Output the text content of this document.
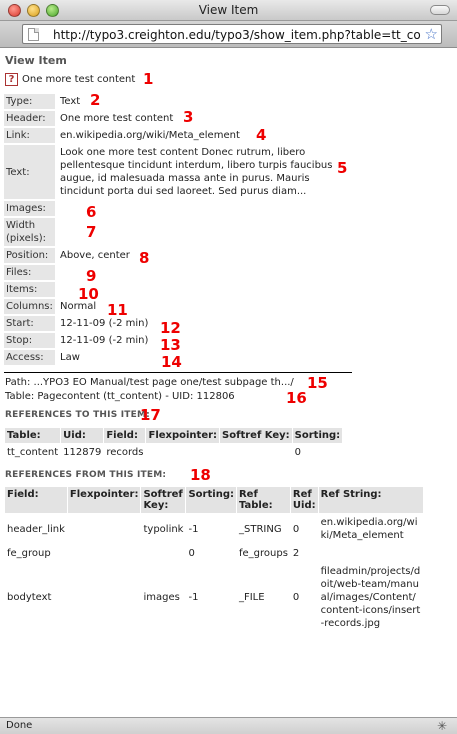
View Item
http://typo3.creighton.edu/typo3/show_item.php?table=tt_co ☆
View Item
? One more test content
Type:	Text
Header:	One more test content
Link:	en.wikipedia.org/wiki/Meta_element
Text:	Look one more test content Donec rutrum, libero pellentesque tincidunt interdum, libero turpis faucibus augue, id malesuada massa ante in purus. Mauris tincidunt porta dui sed laoreet. Sed purus diam...
Images:	
Width (pixels):	
Position:	Above, center
Files:	
Items:	
Columns:	Normal
Start:	12-11-09 (-2 min)
Stop:	12-11-09 (-2 min)
Access:	Law
Path: ...YPO3 EO Manual/test page one/test subpage th.../
Table: Pagecontent (tt_content) - UID: 112806
REFERENCES TO THIS ITEM:
Table:	Uid:	Field:	Flexpointer:	Softref Key:	Sorting:
tt_content	112879	records			0
REFERENCES FROM THIS ITEM:
Field:	Flexpointer:	Softref Key:	Sorting:	Ref Table:	Ref Uid:	Ref String:
header_link		typolink	-1	_STRING	0	en.wikipedia.org/wiki/Meta_element
fe_group			0	fe_groups	2	
bodytext		images	-1	_FILE	0	fileadmin/projects/doit/web-team/manual/images/Content/content-icons/insert-records.jpg
1
2
3
4
5
6
7
8
9
10
11
12
13
14
15
16
17
18
Done	✳
